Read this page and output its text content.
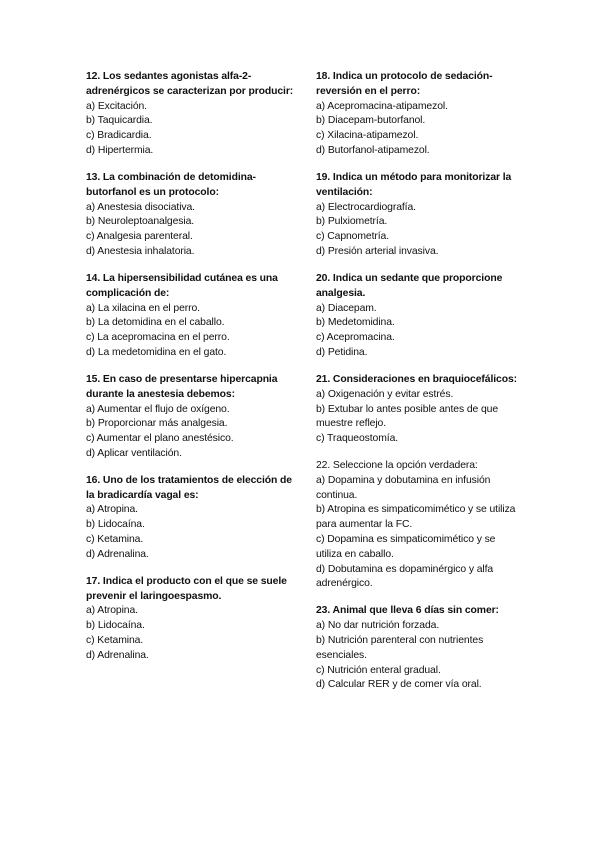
12. Los sedantes agonistas alfa-2-adrenérgicos se caracterizan por producir:
a) Excitación.
b) Taquicardia.
c) Bradicardia.
d) Hipertermia.
13. La combinación de detomidina-butorfanol es un protocolo:
a) Anestesia disociativa.
b) Neuroleptoanalgesia.
c) Analgesia parenteral.
d) Anestesia inhalatoria.
14. La hipersensibilidad cutánea es una complicación de:
a) La xilacina en el perro.
b) La detomidina en el caballo.
c) La acepromacina en el perro.
d) La medetomidina en el gato.
15. En caso de presentarse hipercapnia durante la anestesia debemos:
a) Aumentar el flujo de oxígeno.
b) Proporcionar más analgesia.
c) Aumentar el plano anestésico.
d) Aplicar ventilación.
16. Uno de los tratamientos de elección de la bradicardía vagal es:
a) Atropina.
b) Lidocaína.
c) Ketamina.
d) Adrenalina.
17. Indica el producto con el que se suele prevenir el laringoespasmo.
a) Atropina.
b) Lidocaína.
c) Ketamina.
d) Adrenalina.
18. Indica un protocolo de sedación-reversión en el perro:
a) Acepromacina-atipamezol.
b) Diacepam-butorfanol.
c) Xilacina-atipamezol.
d) Butorfanol-atipamezol.
19. Indica un método para monitorizar la ventilación:
a) Electrocardiografía.
b) Pulxiometría.
c) Capnometría.
d) Presión arterial invasiva.
20. Indica un sedante que proporcione analgesia.
a) Diacepam.
b) Medetomidina.
c) Acepromacina.
d) Petidina.
21. Consideraciones en braquiocefálicos:
a) Oxigenación y evitar estrés.
b) Extubar lo antes posible antes de que muestre reflejo.
c) Traqueostomía.
22. Seleccione la opción verdadera:
a) Dopamina y dobutamina en infusión continua.
b) Atropina es simpaticomimético y se utiliza para aumentar la FC.
c) Dopamina es simpaticomimético y se utiliza en caballo.
d) Dobutamina es dopaminérgico y alfa adrenérgico.
23. Animal que lleva 6 días sin comer:
a) No dar nutrición forzada.
b) Nutrición parenteral con nutrientes esenciales.
c) Nutrición enteral gradual.
d) Calcular RER y de comer vía oral.
